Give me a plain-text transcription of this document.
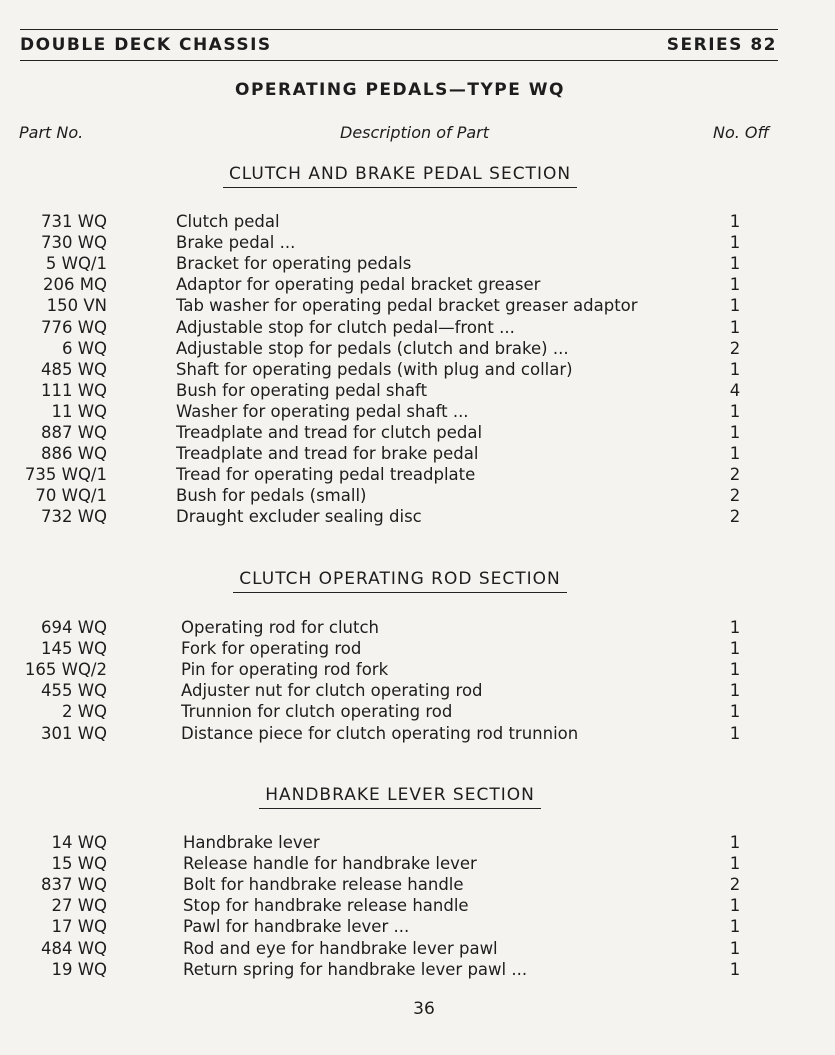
DOUBLE DECK CHASSIS	SERIES 82
OPERATING PEDALS—TYPE WQ
Part No.	Description of Part	No. Off
CLUTCH AND BRAKE PEDAL SECTION
731 WQ	Clutch pedal	1
730 WQ	Brake pedal ...	1
5 WQ/1	Bracket for operating pedals	1
206 MQ	Adaptor for operating pedal bracket greaser	1
150 VN	Tab washer for operating pedal bracket greaser adaptor	1
776 WQ	Adjustable stop for clutch pedal—front ...	1
6 WQ	Adjustable stop for pedals (clutch and brake) ...	2
485 WQ	Shaft for operating pedals (with plug and collar)	1
111 WQ	Bush for operating pedal shaft	4
11 WQ	Washer for operating pedal shaft ...	1
887 WQ	Treadplate and tread for clutch pedal	1
886 WQ	Treadplate and tread for brake pedal	1
735 WQ/1	Tread for operating pedal treadplate	2
70 WQ/1	Bush for pedals (small)	2
732 WQ	Draught excluder sealing disc	2
CLUTCH OPERATING ROD SECTION
694 WQ	Operating rod for clutch	1
145 WQ	Fork for operating rod	1
165 WQ/2	Pin for operating rod fork	1
455 WQ	Adjuster nut for clutch operating rod	1
2 WQ	Trunnion for clutch operating rod	1
301 WQ	Distance piece for clutch operating rod trunnion	1
HANDBRAKE LEVER SECTION
14 WQ	Handbrake lever	1
15 WQ	Release handle for handbrake lever	1
837 WQ	Bolt for handbrake release handle	2
27 WQ	Stop for handbrake release handle	1
17 WQ	Pawl for handbrake lever ...	1
484 WQ	Rod and eye for handbrake lever pawl	1
19 WQ	Return spring for handbrake lever pawl ...	1
36
